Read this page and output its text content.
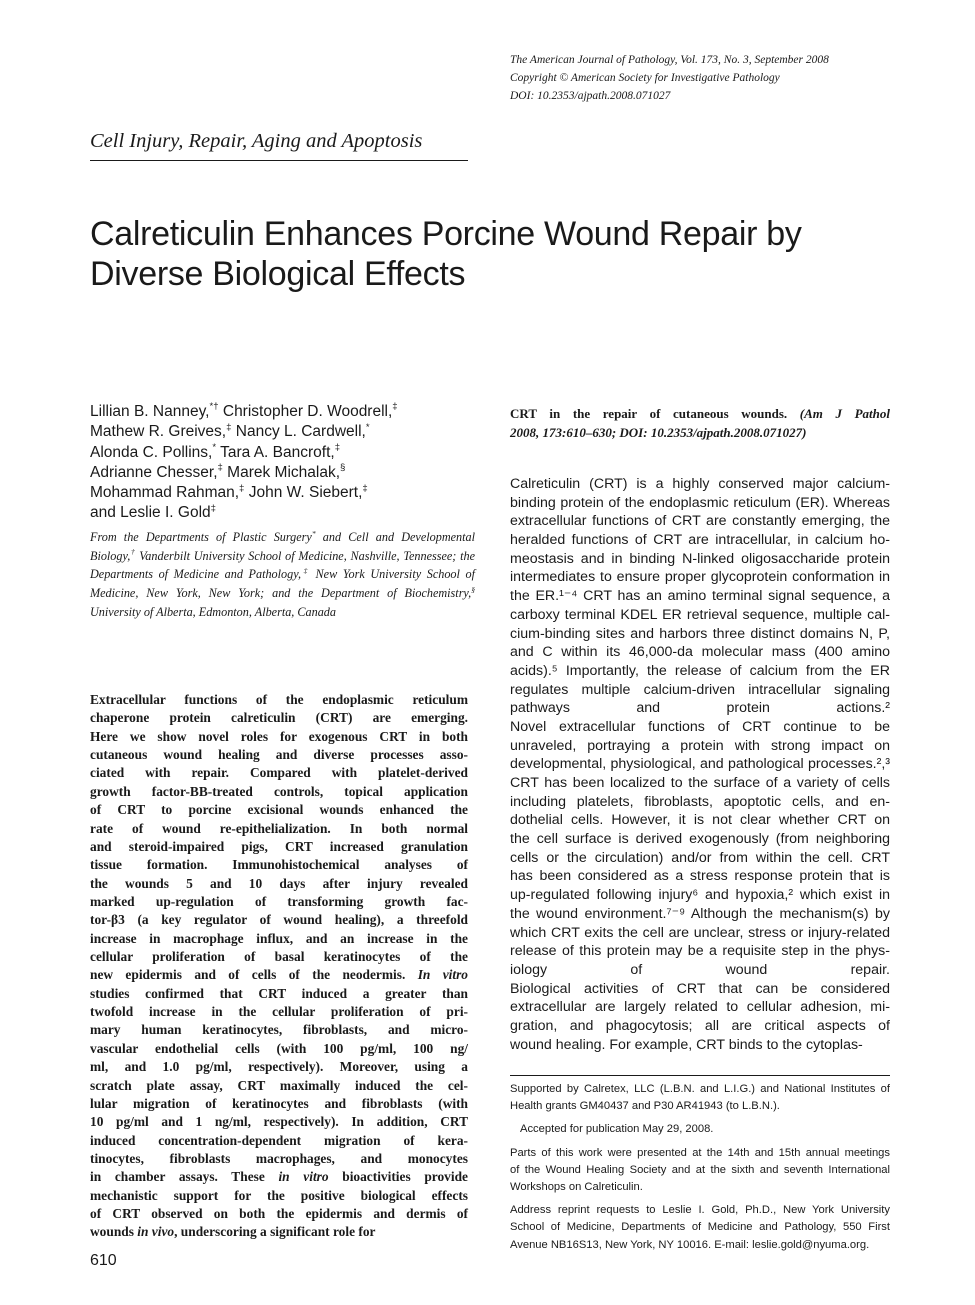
The American Journal of Pathology, Vol. 173, No. 3, September 2008
Copyright © American Society for Investigative Pathology
DOI: 10.2353/ajpath.2008.071027
Cell Injury, Repair, Aging and Apoptosis
Calreticulin Enhances Porcine Wound Repair by
Diverse Biological Effects
Lillian B. Nanney,*† Christopher D. Woodrell,‡
Mathew R. Greives,‡ Nancy L. Cardwell,*
Alonda C. Pollins,* Tara A. Bancroft,‡
Adrianne Chesser,‡ Marek Michalak,§
Mohammad Rahman,‡ John W. Siebert,‡
and Leslie I. Gold‡
From the Departments of Plastic Surgery* and Cell and Developmental Biology,† Vanderbilt University School of Medicine, Nashville, Tennessee; the Departments of Medicine and Pathology,‡ New York University School of Medicine, New York, New York; and the Department of Biochemistry,§ University of Alberta, Edmonton, Alberta, Canada
Extracellular functions of the endoplasmic reticulum
chaperone protein calreticulin (CRT) are emerging.
Here we show novel roles for exogenous CRT in both
cutaneous wound healing and diverse processes asso-
ciated with repair. Compared with platelet-derived
growth factor-BB-treated controls, topical application
of CRT to porcine excisional wounds enhanced the
rate of wound re-epithelialization. In both normal
and steroid-impaired pigs, CRT increased granulation
tissue formation. Immunohistochemical analyses of
the wounds 5 and 10 days after injury revealed
marked up-regulation of transforming growth fac-
tor-β3 (a key regulator of wound healing), a threefold
increase in macrophage influx, and an increase in the
cellular proliferation of basal keratinocytes of the
new epidermis and of cells of the neodermis. In vitro
studies confirmed that CRT induced a greater than
twofold increase in the cellular proliferation of pri-
mary human keratinocytes, fibroblasts, and micro-
vascular endothelial cells (with 100 pg/ml, 100 ng/
ml, and 1.0 pg/ml, respectively). Moreover, using a
scratch plate assay, CRT maximally induced the cel-
lular migration of keratinocytes and fibroblasts (with
10 pg/ml and 1 ng/ml, respectively). In addition, CRT
induced concentration-dependent migration of kera-
tinocytes, fibroblasts macrophages, and monocytes
in chamber assays. These in vitro bioactivities provide
mechanistic support for the positive biological effects
of CRT observed on both the epidermis and dermis of
wounds in vivo, underscoring a significant role for
CRT in the repair of cutaneous wounds. (Am J Pathol
2008, 173:610–630; DOI: 10.2353/ajpath.2008.071027)
Calreticulin (CRT) is a highly conserved major calcium-
binding protein of the endoplasmic reticulum (ER). Whereas
extracellular functions of CRT are constantly emerging, the
heralded functions of CRT are intracellular, in calcium ho-
meostasis and in binding N-linked oligosaccharide protein
intermediates to ensure proper glycoprotein conformation in
the ER.¹⁻⁴ CRT has an amino terminal signal sequence, a
carboxy terminal KDEL ER retrieval sequence, multiple cal-
cium-binding sites and harbors three distinct domains N, P,
and C within its 46,000-da molecular mass (400 amino
acids).⁵ Importantly, the release of calcium from the ER
regulates multiple calcium-driven intracellular signaling
pathways and protein actions.²
Novel extracellular functions of CRT continue to be
unraveled, portraying a protein with strong impact on
developmental, physiological, and pathological processes.²,³
CRT has been localized to the surface of a variety of cells
including platelets, fibroblasts, apoptotic cells, and en-
dothelial cells. However, it is not clear whether CRT on
the cell surface is derived exogenously (from neighboring
cells or the circulation) and/or from within the cell. CRT
has been considered as a stress response protein that is
up-regulated following injury⁶ and hypoxia,² which exist in
the wound environment.⁷⁻⁹ Although the mechanism(s) by
which CRT exits the cell are unclear, stress or injury-related
release of this protein may be a requisite step in the phys-
iology of wound repair.
Biological activities of CRT that can be considered
extracellular are largely related to cellular adhesion, mi-
gration, and phagocytosis; all are critical aspects of
wound healing. For example, CRT binds to the cytoplas-
Supported by Calretex, LLC (L.B.N. and L.I.G.) and National Institutes of
Health grants GM40437 and P30 AR41943 (to L.B.N.).
Accepted for publication May 29, 2008.
Parts of this work were presented at the 14th and 15th annual meetings
of the Wound Healing Society and at the sixth and seventh International
Workshops on Calreticulin.
Address reprint requests to Leslie I. Gold, Ph.D., New York University
School of Medicine, Departments of Medicine and Pathology, 550 First
Avenue NB16S13, New York, NY 10016. E-mail: leslie.gold@nyuma.org.
610
